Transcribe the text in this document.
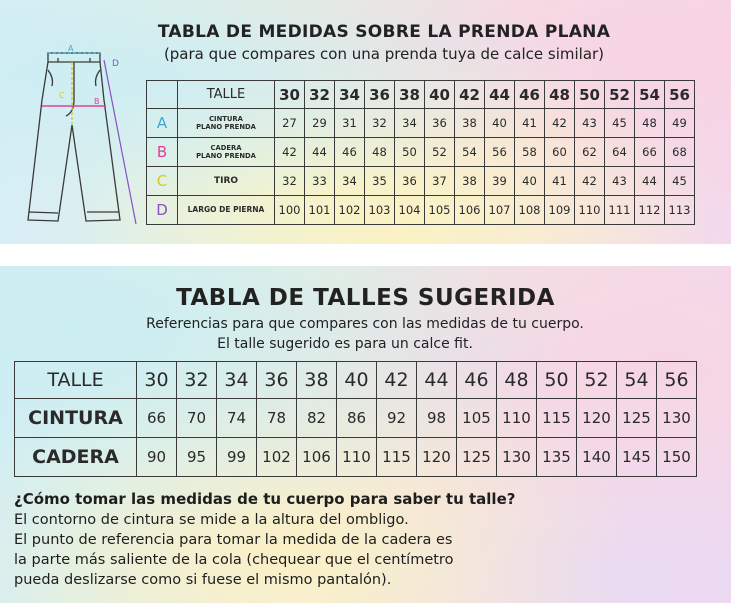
A
C
B
D
TABLA DE MEDIDAS SOBRE LA PRENDA PLANA
(para que compares con una prenda tuya de calce similar)
	TALLE	30	32	34	36	38	40	42	44	46	48	50	52	54	56
A	CINTURA
PLANO PRENDA	27	29	31	32	34	36	38	40	41	42	43	45	48	49
B	CADERA
PLANO PRENDA	42	44	46	48	50	52	54	56	58	60	62	64	66	68
C	TIRO	32	33	34	35	36	37	38	39	40	41	42	43	44	45
D	LARGO DE PIERNA	100	101	102	103	104	105	106	107	108	109	110	111	112	113
TABLA DE TALLES SUGERIDA
Referencias para que compares con las medidas de tu cuerpo.
El talle sugerido es para un calce fit.
TALLE	30	32	34	36	38	40	42	44	46	48	50	52	54	56
CINTURA	66	70	74	78	82	86	92	98	105	110	115	120	125	130
CADERA	90	95	99	102	106	110	115	120	125	130	135	140	145	150
¿Cómo tomar las medidas de tu cuerpo para saber tu talle?
El contorno de cintura se mide a la altura del ombligo.
El punto de referencia para tomar la medida de la cadera es
la parte más saliente de la cola (chequear que el centímetro
pueda deslizarse como si fuese el mismo pantalón).
